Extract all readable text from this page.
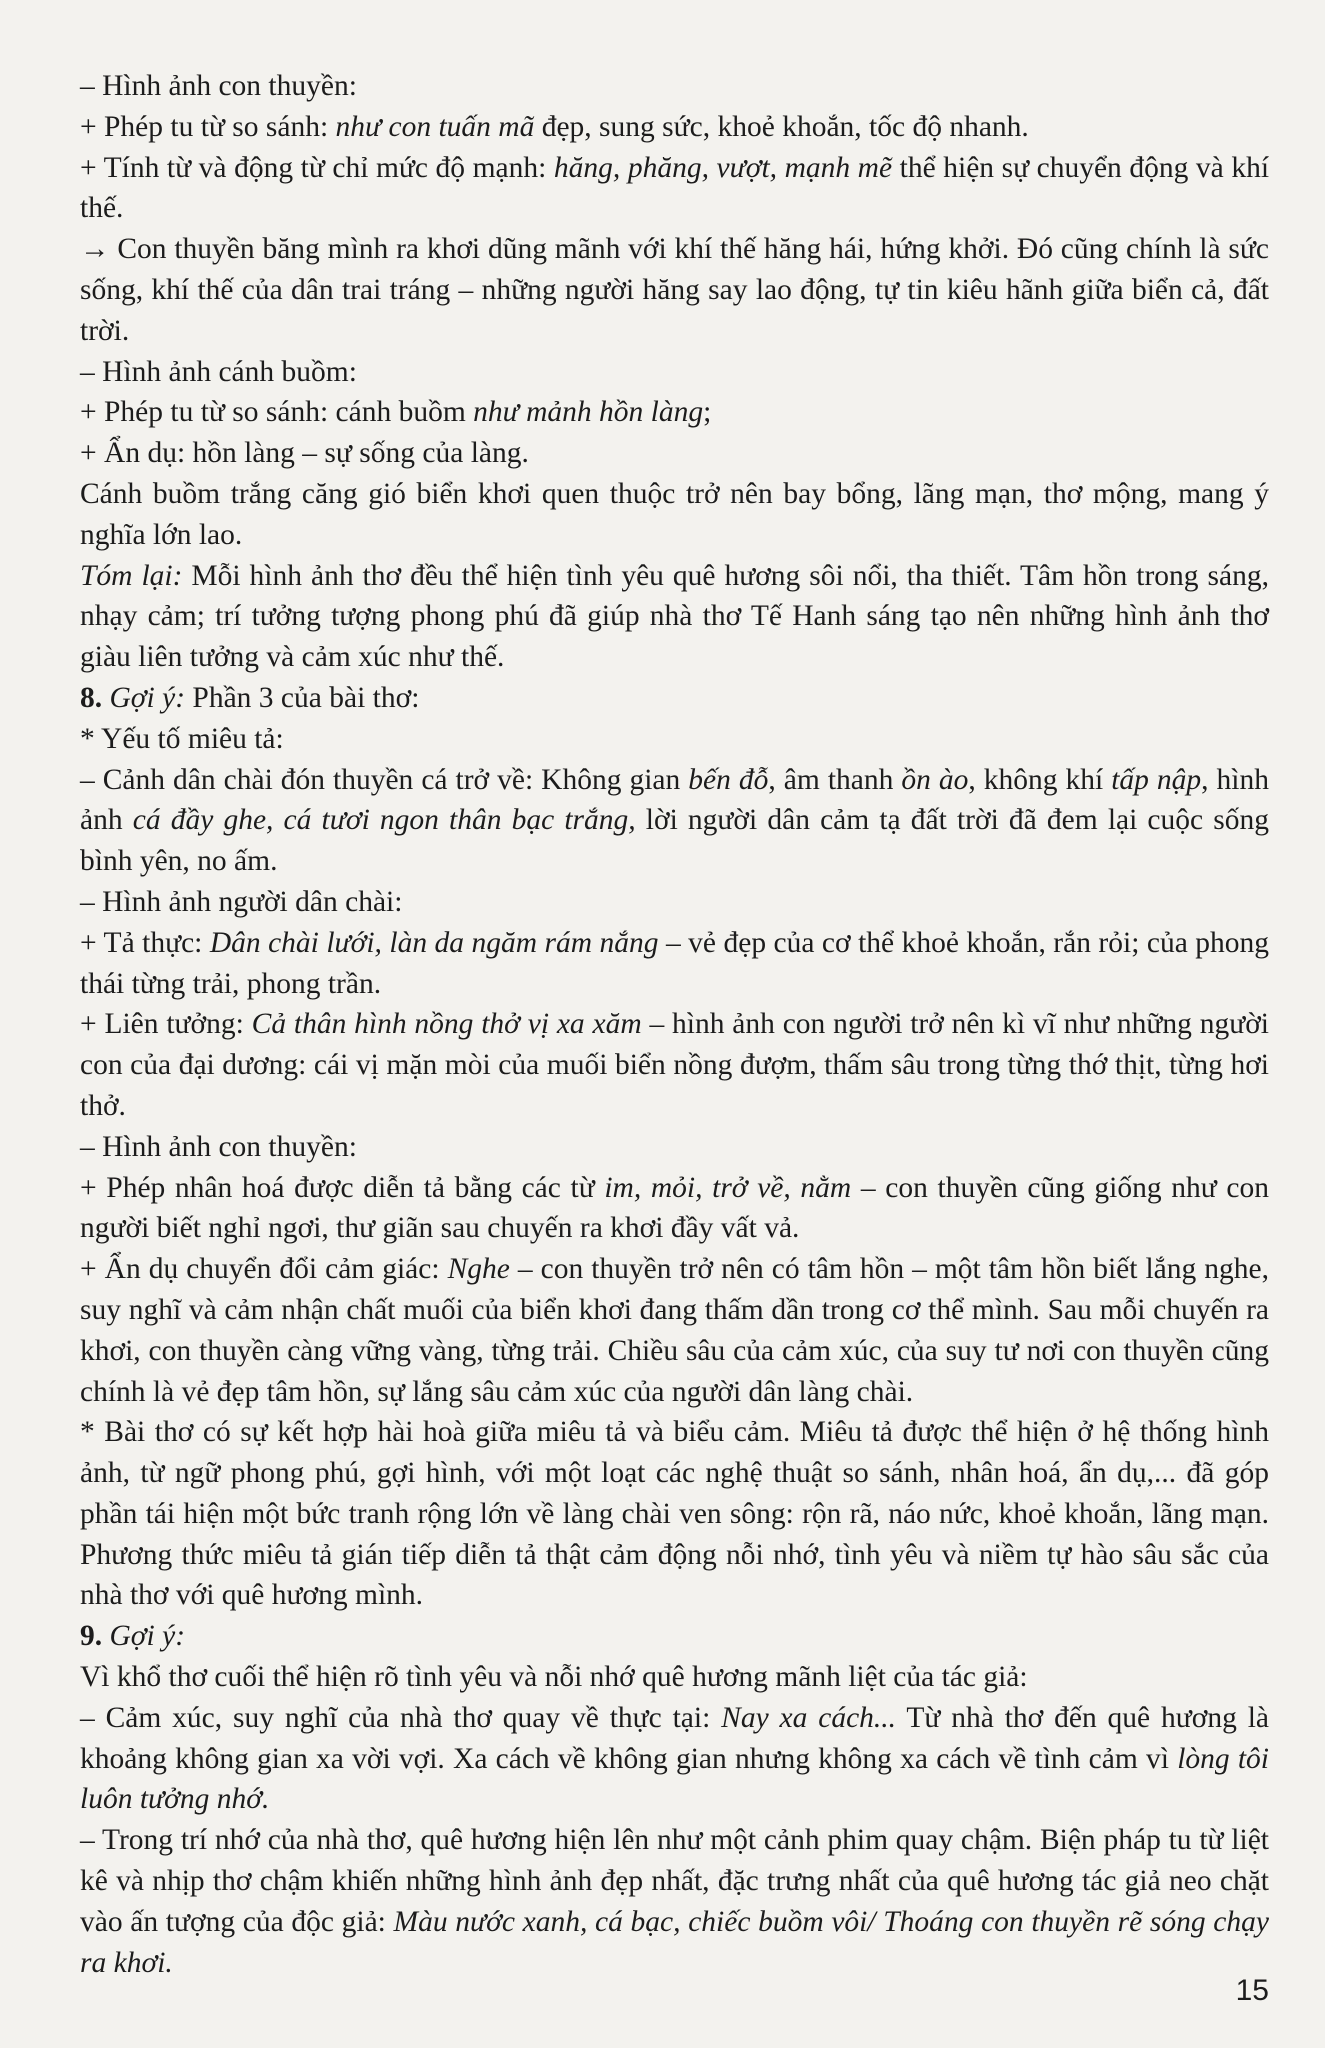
– Hình ảnh con thuyền:

+ Phép tu từ so sánh: như con tuấn mã đẹp, sung sức, khoẻ khoắn, tốc độ nhanh.

+ Tính từ và động từ chỉ mức độ mạnh: hăng, phăng, vượt, mạnh mẽ thể hiện sự chuyển động và khí thế.

→ Con thuyền băng mình ra khơi dũng mãnh với khí thế hăng hái, hứng khởi. Đó cũng chính là sức sống, khí thế của dân trai tráng – những người hăng say lao động, tự tin kiêu hãnh giữa biển cả, đất trời.

– Hình ảnh cánh buồm:

+ Phép tu từ so sánh: cánh buồm như mảnh hồn làng;

+ Ẩn dụ: hồn làng – sự sống của làng.

Cánh buồm trắng căng gió biển khơi quen thuộc trở nên bay bổng, lãng mạn, thơ mộng, mang ý nghĩa lớn lao.

Tóm lại: Mỗi hình ảnh thơ đều thể hiện tình yêu quê hương sôi nổi, tha thiết. Tâm hồn trong sáng, nhạy cảm; trí tưởng tượng phong phú đã giúp nhà thơ Tế Hanh sáng tạo nên những hình ảnh thơ giàu liên tưởng và cảm xúc như thế.

8. Gợi ý: Phần 3 của bài thơ:

* Yếu tố miêu tả:

– Cảnh dân chài đón thuyền cá trở về: Không gian bến đỗ, âm thanh ồn ào, không khí tấp nập, hình ảnh cá đầy ghe, cá tươi ngon thân bạc trắng, lời người dân cảm tạ đất trời đã đem lại cuộc sống bình yên, no ấm.

– Hình ảnh người dân chài:

+ Tả thực: Dân chài lưới, làn da ngăm rám nắng – vẻ đẹp của cơ thể khoẻ khoắn, rắn rỏi; của phong thái từng trải, phong trần.

+ Liên tưởng: Cả thân hình nồng thở vị xa xăm – hình ảnh con người trở nên kì vĩ như những người con của đại dương: cái vị mặn mòi của muối biển nồng đượm, thấm sâu trong từng thớ thịt, từng hơi thở.

– Hình ảnh con thuyền:

+ Phép nhân hoá được diễn tả bằng các từ im, mỏi, trở về, nằm – con thuyền cũng giống như con người biết nghỉ ngơi, thư giãn sau chuyến ra khơi đầy vất vả.

+ Ẩn dụ chuyển đổi cảm giác: Nghe – con thuyền trở nên có tâm hồn – một tâm hồn biết lắng nghe, suy nghĩ và cảm nhận chất muối của biển khơi đang thấm dần trong cơ thể mình. Sau mỗi chuyến ra khơi, con thuyền càng vững vàng, từng trải. Chiều sâu của cảm xúc, của suy tư nơi con thuyền cũng chính là vẻ đẹp tâm hồn, sự lắng sâu cảm xúc của người dân làng chài.

* Bài thơ có sự kết hợp hài hoà giữa miêu tả và biểu cảm. Miêu tả được thể hiện ở hệ thống hình ảnh, từ ngữ phong phú, gợi hình, với một loạt các nghệ thuật so sánh, nhân hoá, ẩn dụ,... đã góp phần tái hiện một bức tranh rộng lớn về làng chài ven sông: rộn rã, náo nức, khoẻ khoắn, lãng mạn. Phương thức miêu tả gián tiếp diễn tả thật cảm động nỗi nhớ, tình yêu và niềm tự hào sâu sắc của nhà thơ với quê hương mình.

9. Gợi ý:

Vì khổ thơ cuối thể hiện rõ tình yêu và nỗi nhớ quê hương mãnh liệt của tác giả:

– Cảm xúc, suy nghĩ của nhà thơ quay về thực tại: Nay xa cách... Từ nhà thơ đến quê hương là khoảng không gian xa vời vợi. Xa cách về không gian nhưng không xa cách về tình cảm vì lòng tôi luôn tưởng nhớ.

– Trong trí nhớ của nhà thơ, quê hương hiện lên như một cảnh phim quay chậm. Biện pháp tu từ liệt kê và nhịp thơ chậm khiến những hình ảnh đẹp nhất, đặc trưng nhất của quê hương tác giả neo chặt vào ấn tượng của độc giả: Màu nước xanh, cá bạc, chiếc buồm vôi/ Thoáng con thuyền rẽ sóng chạy ra khơi.

15
